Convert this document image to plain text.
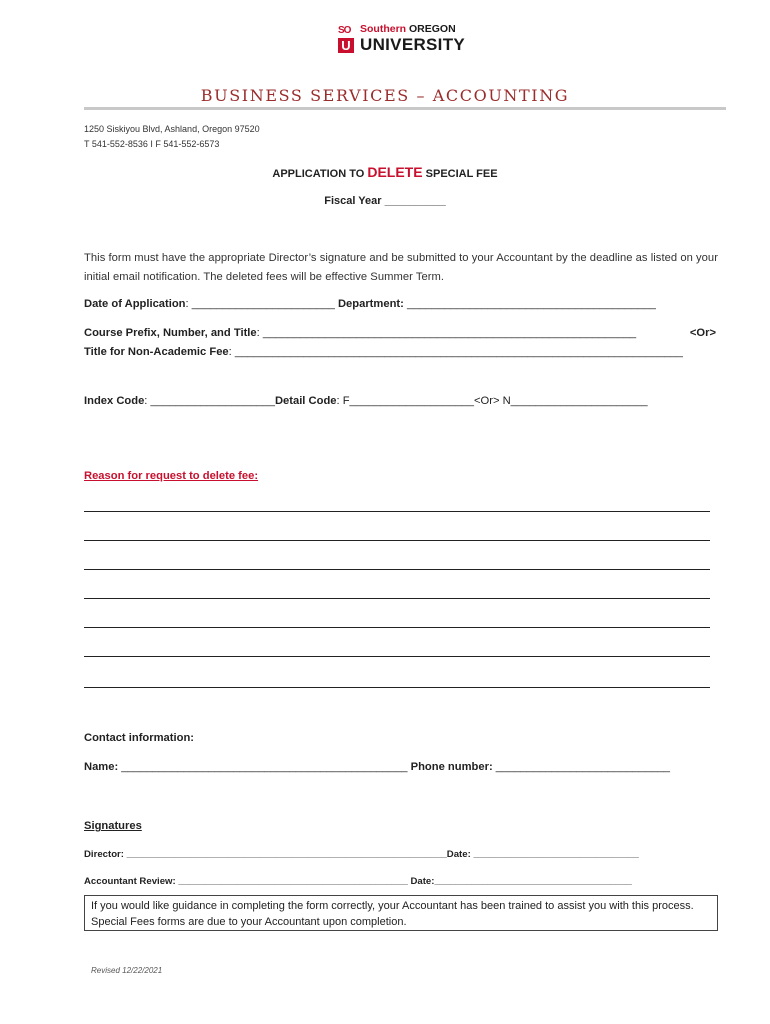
SO
U
Southern OREGON
UNIVERSITY
BUSINESS SERVICES – ACCOUNTING
1250 Siskiyou Blvd, Ashland, Oregon 97520
T 541-552-8536 I F 541-552-6573
APPLICATION TO DELETE SPECIAL FEE
Fiscal Year __________
This form must have the appropriate Director’s signature and be submitted to your Accountant by the deadline as listed on your initial email notification. The deleted fees will be effective Summer Term.
Date of Application: _______________________ Department: ________________________________________
Course Prefix, Number, and Title: ____________________________________________________________	<Or>
Title for Non-Academic Fee: ________________________________________________________________________
Index Code: ____________________Detail Code: F____________________<Or> N______________________
Reason for request to delete fee:
Contact information:
Name: ______________________________________________ Phone number: ____________________________
Signatures
Director: ____________________________________________________________Date: _______________________________
Accountant Review: ___________________________________________ Date:_____________________________________
If you would like guidance in completing the form correctly, your Accountant has been trained to assist you with this process. Special Fees forms are due to your Accountant upon completion.
Revised 12/22/2021
